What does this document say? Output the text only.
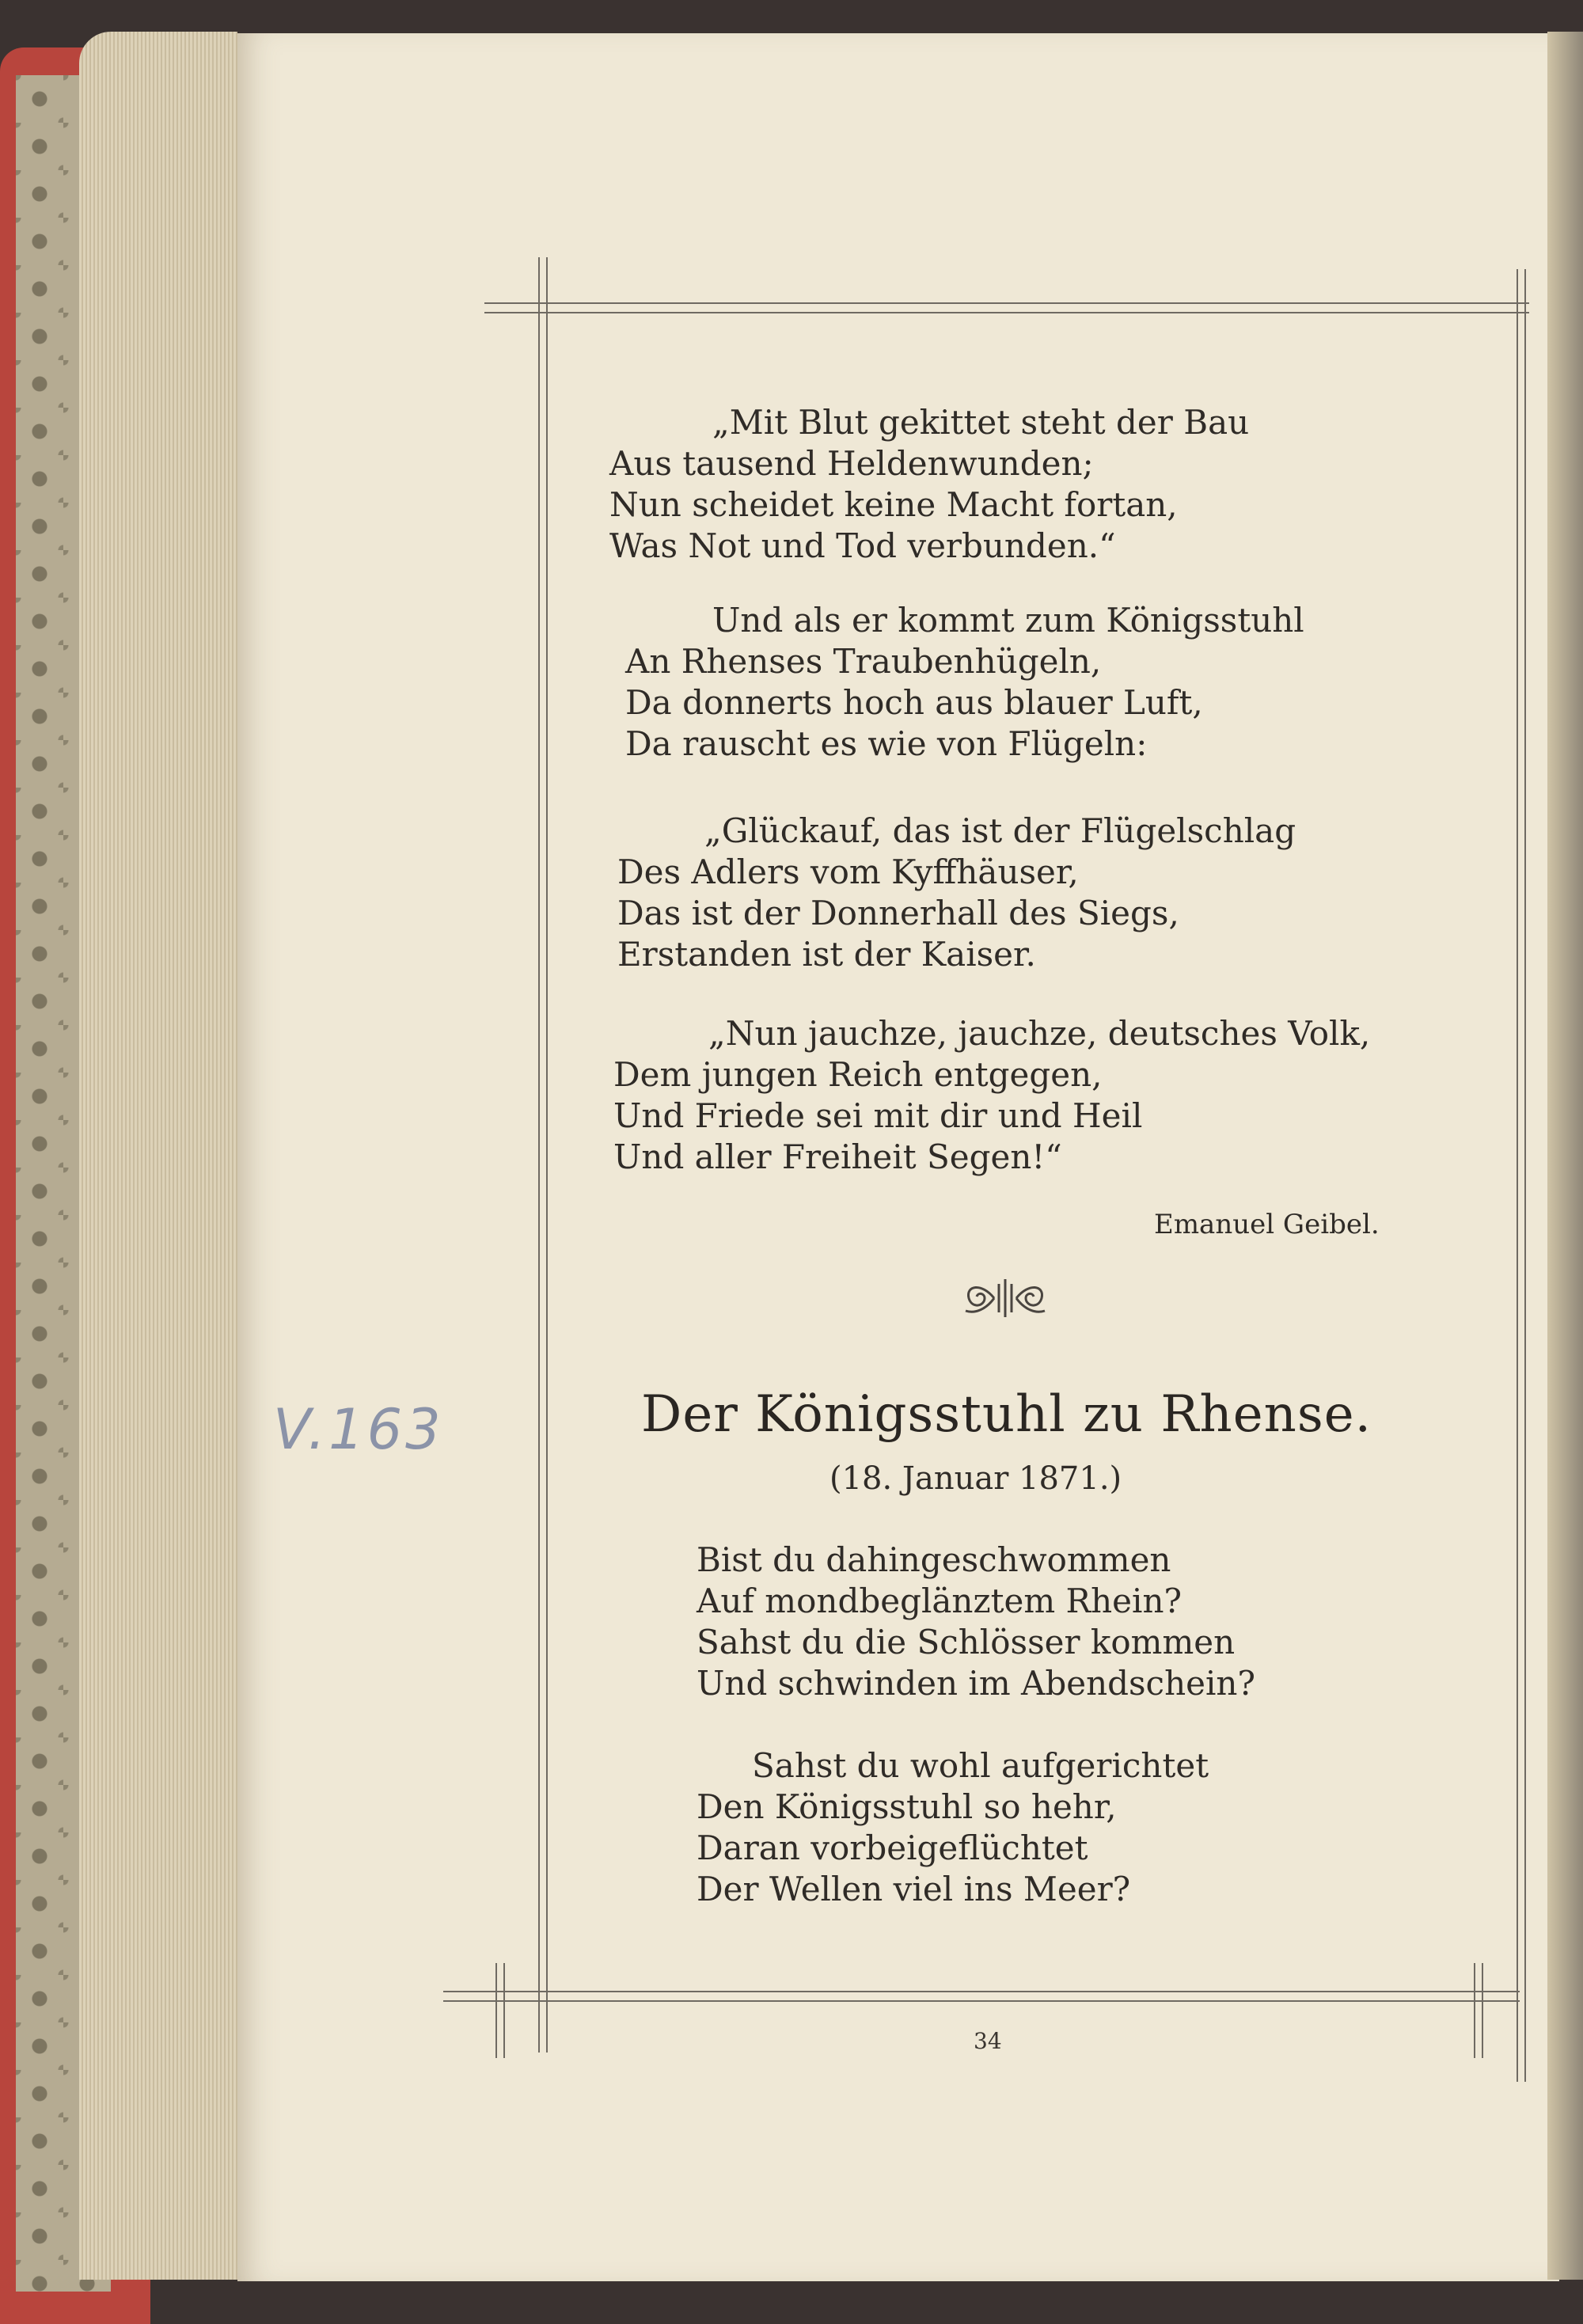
„Mit Blut gekittet steht der Bau
Aus tausend Heldenwunden;
Nun scheidet keine Macht fortan,
Was Not und Tod verbunden.“
Und als er kommt zum Königsstuhl
An Rhenses Traubenhügeln,
Da donnerts hoch aus blauer Luft,
Da rauscht es wie von Flügeln:
„Glückauf, das ist der Flügelschlag
Des Adlers vom Kyffhäuser,
Das ist der Donnerhall des Siegs,
Erstanden ist der Kaiser.
„Nun jauchze, jauchze, deutsches Volk,
Dem jungen Reich entgegen,
Und Friede sei mit dir und Heil
Und aller Freiheit Segen!“
Emanuel Geibel.
Der Königsstuhl zu Rhense.
(18. Januar 1871.)
Bist du dahingeschwommen
Auf mondbeglänztem Rhein?
Sahst du die Schlösser kommen
Und schwinden im Abendschein?
Sahst du wohl aufgerichtet
Den Königsstuhl so hehr,
Daran vorbeigeflüchtet
Der Wellen viel ins Meer?
34
V.163
